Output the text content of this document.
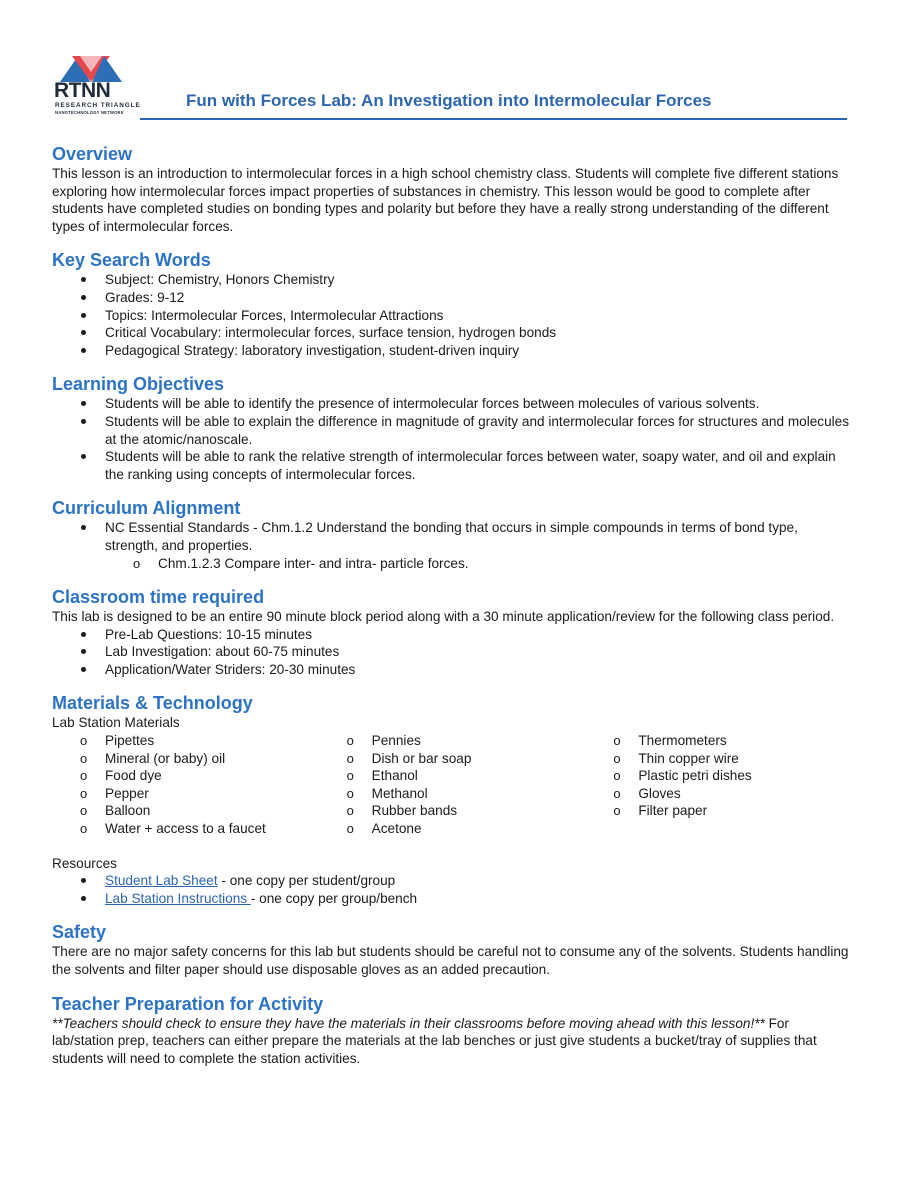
RTNN
RESEARCH TRIANGLE
NANOTECHNOLOGY NETWORK
Fun with Forces Lab: An Investigation into Intermolecular Forces
Overview

This lesson is an introduction to intermolecular forces in a high school chemistry class. Students will complete five different stations exploring how intermolecular forces impact properties of substances in chemistry. This lesson would be good to complete after students have completed studies on bonding types and polarity but before they have a really strong understanding of the different types of intermolecular forces.

Key Search Words
Subject: Chemistry, Honors Chemistry
Grades: 9-12
Topics: Intermolecular Forces, Intermolecular Attractions
Critical Vocabulary: intermolecular forces, surface tension, hydrogen bonds
Pedagogical Strategy: laboratory investigation, student-driven inquiry
Learning Objectives
Students will be able to identify the presence of intermolecular forces between molecules of various solvents.
Students will be able to explain the difference in magnitude of gravity and intermolecular forces for structures and molecules at the atomic/nanoscale.
Students will be able to rank the relative strength of intermolecular forces between water, soapy water, and oil and explain the ranking using concepts of intermolecular forces.
Curriculum Alignment
NC Essential Standards - Chm.1.2 Understand the bonding that occurs in simple compounds in terms of bond type, strength, and properties.
o Chm.1.2.3 Compare inter- and intra- particle forces.
Classroom time required

This lab is designed to be an entire 90 minute block period along with a 30 minute application/review for the following class period.

Pre-Lab Questions: 10-15 minutes
Lab Investigation: about 60-75 minutes
Application/Water Striders: 20-30 minutes
Materials & Technology

Lab Station Materials

o Pipettes
o Mineral (or baby) oil
o Food dye
o Pepper
o Balloon
o Water + access to a faucet
o Pennies
o Dish or bar soap
o Ethanol
o Methanol
o Rubber bands
o Acetone
o Thermometers
o Thin copper wire
o Plastic petri dishes
o Gloves
o Filter paper

Resources

Student Lab Sheet - one copy per student/group
Lab Station Instructions - one copy per group/bench
Safety

There are no major safety concerns for this lab but students should be careful not to consume any of the solvents. Students handling the solvents and filter paper should use disposable gloves as an added precaution.

Teacher Preparation for Activity

**Teachers should check to ensure they have the materials in their classrooms before moving ahead with this lesson!** For lab/station prep, teachers can either prepare the materials at the lab benches or just give students a bucket/tray of supplies that students will need to complete the station activities.
